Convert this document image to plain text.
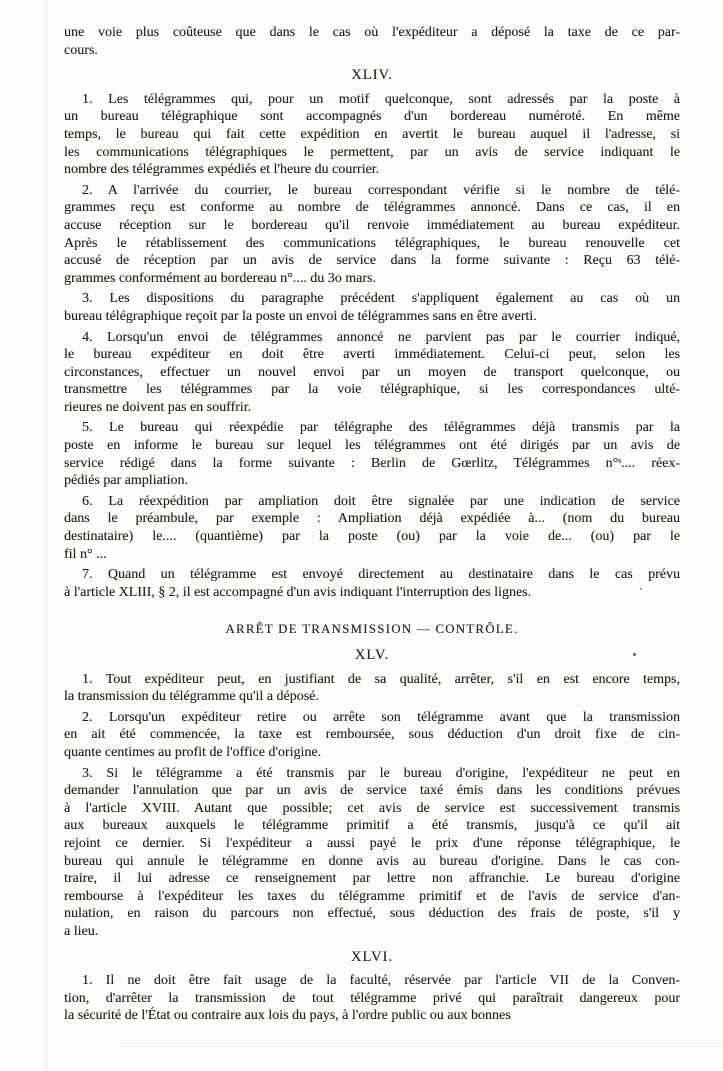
une voie plus coûteuse que dans le cas où l'expéditeur a déposé la taxe de ce par-
cours.
XLIV.
1. Les télégrammes qui, pour un motif quelconque, sont adressés par la poste à
un bureau télégraphique sont accompagnés d'un bordereau numéroté. En même
temps, le bureau qui fait cette expédition en avertit le bureau auquel il l'adresse, si
les communications télégraphiques le permettent, par un avis de service indiquant le
nombre des télégrammes expédiés et l'heure du courrier.
2. A l'arrivée du courrier, le bureau correspondant vérifie si le nombre de télé-
grammes reçu est conforme au nombre de télégrammes annoncé. Dans ce cas, il en
accuse réception sur le bordereau qu'il renvoie immédiatement au bureau expéditeur.
Après le rétablissement des communications télégraphiques, le bureau renouvelle cet
accusé de réception par un avis de service dans la forme suivante : Reçu 63 télé-
grammes conformément au bordereau n°.... du 3o mars.
3. Les dispositions du paragraphe précédent s'appliquent également au cas où un
bureau télégraphique reçoit par la poste un envoi de télégrammes sans en être averti.
4. Lorsqu'un envoi de télégrammes annoncé ne parvient pas par le courrier indiqué,
le bureau expéditeur en doit être averti immédiatement. Celui-ci peut, selon les
circonstances, effectuer un nouvel envoi par un moyen de transport quelconque, ou
transmettre les télégrammes par la voie télégraphique, si les correspondances ulté-
rieures ne doivent pas en souffrir.
5. Le bureau qui réexpédie par télégraphe des télégrammes déjà transmis par la
poste en informe le bureau sur lequel les télégrammes ont été dirigés par un avis de
service rédigé dans la forme suivante : Berlin de Gœrlitz, Télégrammes n°ˢ.... réex-
pédiés par ampliation.
6. La réexpédition par ampliation doit être signalée par une indication de service
dans le préambule, par exemple : Ampliation déjà expédiée à... (nom du bureau
destinataire) le.... (quantième) par la poste (ou) par la voie de... (ou) par le
fil n° ...
7. Quand un télégramme est envoyé directement au destinataire dans le cas prévu
à l'article XLIII, § 2, il est accompagné d'un avis indiquant l'interruption des lignes.
ARRÊT DE TRANSMISSION — CONTRÔLE.
XLV.
1. Tout expéditeur peut, en justifiant de sa qualité, arrêter, s'il en est encore temps,
la transmission du télégramme qu'il a déposé.
2. Lorsqu'un expéditeur retire ou arrête son télégramme avant que la transmission
en ait été commencée, la taxe est remboursée, sous déduction d'un droit fixe de cin-
quante centimes au profit de l'office d'origine.
3. Si le télégramme a été transmis par le bureau d'origine, l'expéditeur ne peut en
demander l'annulation que par un avis de service taxé émis dans les conditions prévues
à l'article XVIII. Autant que possible; cet avis de service est successivement transmis
aux bureaux auxquels le télégramme primitif a été transmis, jusqu'à ce qu'il ait
rejoint ce dernier. Si l'expéditeur a aussi payé le prix d'une réponse télégraphique, le
bureau qui annule le télégramme en donne avis au bureau d'origine. Dans le cas con-
traire, il lui adresse ce renseignement par lettre non affranchie. Le bureau d'origine
rembourse à l'expéditeur les taxes du télégramme primitif et de l'avis de service d'an-
nulation, en raison du parcours non effectué, sous déduction des frais de poste, s'il y
a lieu.
XLVI.
1. Il ne doit être fait usage de la faculté, réservée par l'article VII de la Conven-
tion, d'arrêter la transmission de tout télégramme privé qui paraîtrait dangereux pour
la sécurité de l'État ou contraire aux lois du pays, à l'ordre public ou aux bonnes
